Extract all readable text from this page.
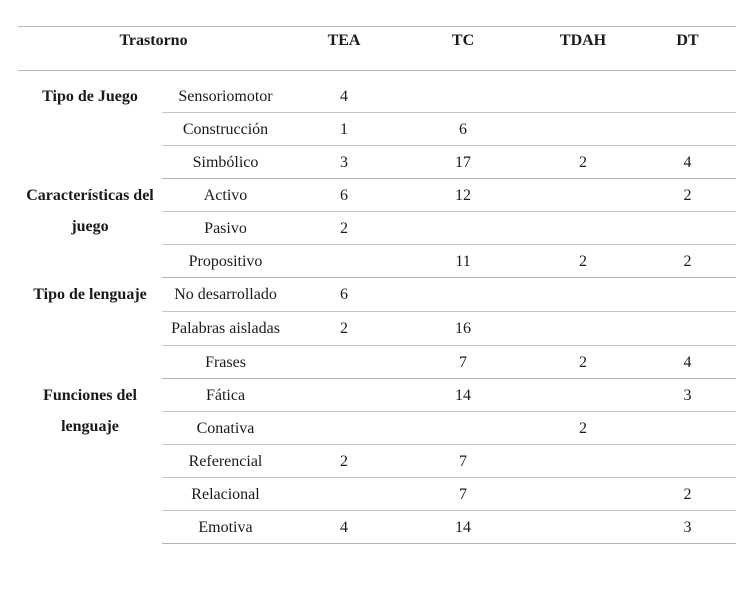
Trastorno		TEA	TC	TDAH	DT
Tipo de Juego	Sensoriomotor	4			
	Construcción	1	6		
	Simbólico	3	17	2	4
Características del juego	Activo	6	12		2
	Pasivo	2			
	Propositivo		11	2	2
Tipo de lenguaje	No desarrollado	6			
	Palabras aisladas	2	16		
	Frases		7	2	4
Funciones del lenguaje	Fática		14		3
	Conativa			2	
	Referencial	2	7		
	Relacional		7		2
	Emotiva	4	14		3
